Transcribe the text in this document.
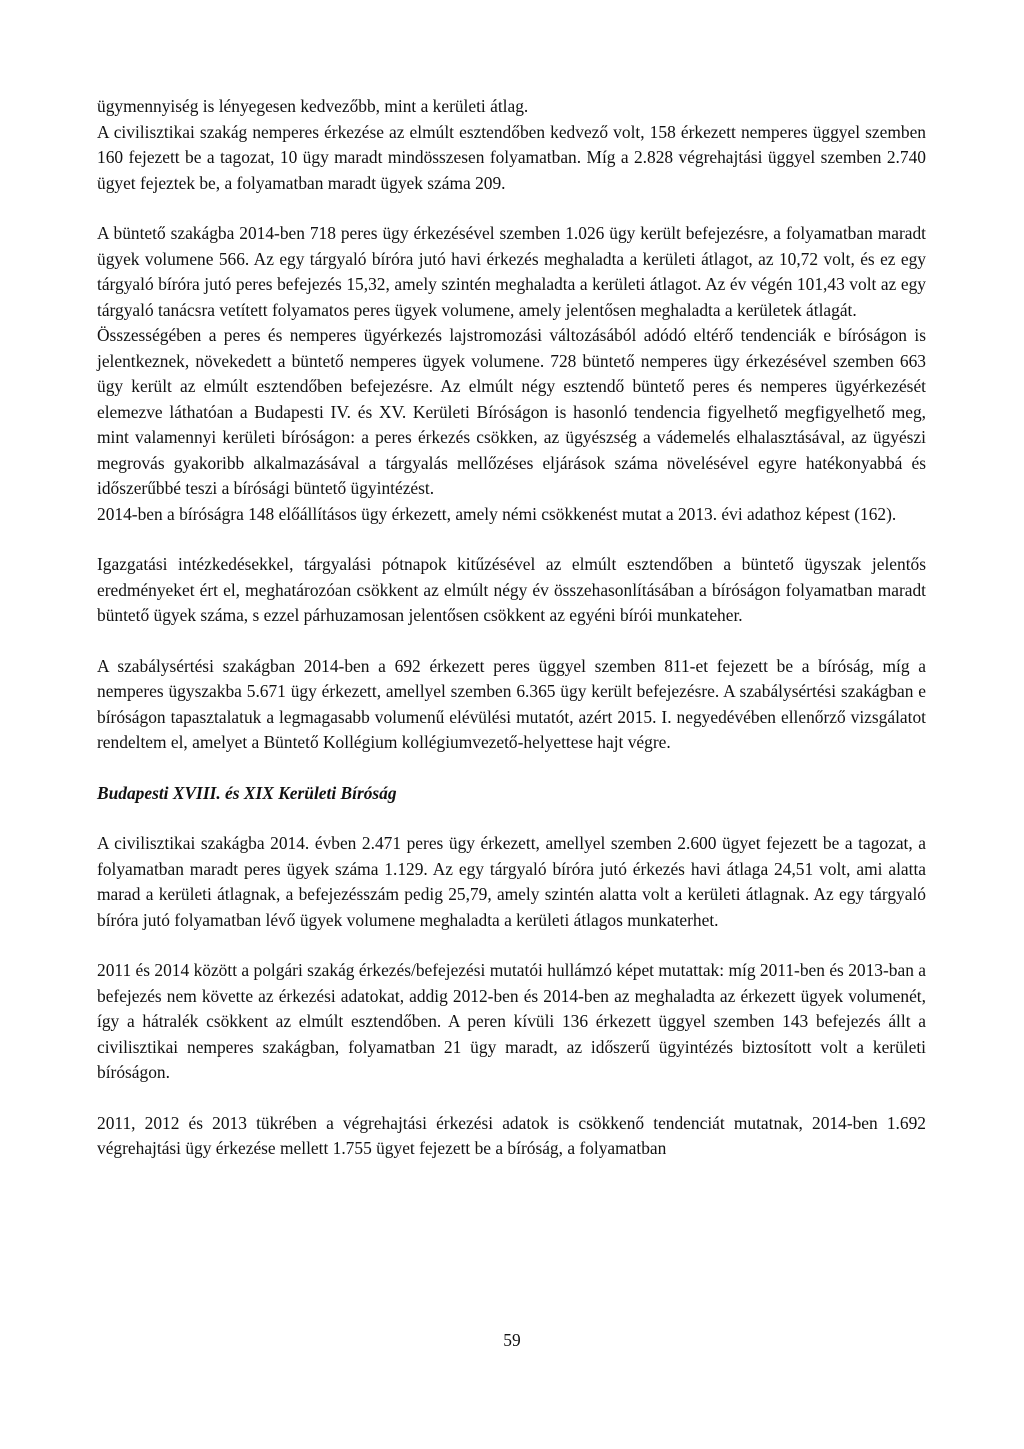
ügymennyiség is lényegesen kedvezőbb, mint a kerületi átlag.

A civilisztikai szakág nemperes érkezése az elmúlt esztendőben kedvező volt, 158 érkezett nemperes üggyel szemben 160 fejezett be a tagozat, 10 ügy maradt mindösszesen folyamatban. Míg a 2.828 végrehajtási üggyel szemben 2.740 ügyet fejeztek be, a folyamatban maradt ügyek száma 209.

A büntető szakágba 2014-ben 718 peres ügy érkezésével szemben 1.026 ügy került befejezésre, a folyamatban maradt ügyek volumene 566. Az egy tárgyaló bíróra jutó havi érkezés meghaladta a kerületi átlagot, az 10,72 volt, és ez egy tárgyaló bíróra jutó peres befejezés 15,32, amely szintén meghaladta a kerületi átlagot. Az év végén 101,43 volt az egy tárgyaló tanácsra vetített folyamatos peres ügyek volumene, amely jelentősen meghaladta a kerületek átlagát.

Összességében a peres és nemperes ügyérkezés lajstromozási változásából adódó eltérő tendenciák e bíróságon is jelentkeznek, növekedett a büntető nemperes ügyek volumene. 728 büntető nemperes ügy érkezésével szemben 663 ügy került az elmúlt esztendőben befejezésre. Az elmúlt négy esztendő büntető peres és nemperes ügyérkezését elemezve láthatóan a Budapesti IV. és XV. Kerületi Bíróságon is hasonló tendencia figyelhető megfigyelhető meg, mint valamennyi kerületi bíróságon: a peres érkezés csökken, az ügyészség a vádemelés elhalasztásával, az ügyészi megrovás gyakoribb alkalmazásával a tárgyalás mellőzéses eljárások száma növelésével egyre hatékonyabbá és időszerűbbé teszi a bírósági büntető ügyintézést.

2014-ben a bíróságra 148 előállításos ügy érkezett, amely némi csökkenést mutat a 2013. évi adathoz képest (162).

Igazgatási intézkedésekkel, tárgyalási pótnapok kitűzésével az elmúlt esztendőben a büntető ügyszak jelentős eredményeket ért el, meghatározóan csökkent az elmúlt négy év összehasonlításában a bíróságon folyamatban maradt büntető ügyek száma, s ezzel párhuzamosan jelentősen csökkent az egyéni bírói munkateher.

A szabálysértési szakágban 2014-ben a 692 érkezett peres üggyel szemben 811-et fejezett be a bíróság, míg a nemperes ügyszakba 5.671 ügy érkezett, amellyel szemben 6.365 ügy került befejezésre. A szabálysértési szakágban e bíróságon tapasztalatuk a legmagasabb volumenű elévülési mutatót, azért 2015. I. negyedévében ellenőrző vizsgálatot rendeltem el, amelyet a Büntető Kollégium kollégiumvezető-helyettese hajt végre.

Budapesti XVIII. és XIX Kerületi Bíróság

A civilisztikai szakágba 2014. évben 2.471 peres ügy érkezett, amellyel szemben 2.600 ügyet fejezett be a tagozat, a folyamatban maradt peres ügyek száma 1.129. Az egy tárgyaló bíróra jutó érkezés havi átlaga 24,51 volt, ami alatta marad a kerületi átlagnak, a befejezésszám pedig 25,79, amely szintén alatta volt a kerületi átlagnak. Az egy tárgyaló bíróra jutó folyamatban lévő ügyek volumene meghaladta a kerületi átlagos munkaterhet.

2011 és 2014 között a polgári szakág érkezés/befejezési mutatói hullámzó képet mutattak: míg 2011-ben és 2013-ban a befejezés nem követte az érkezési adatokat, addig 2012-ben és 2014-ben az meghaladta az érkezett ügyek volumenét, így a hátralék csökkent az elmúlt esztendőben. A peren kívüli 136 érkezett üggyel szemben 143 befejezés állt a civilisztikai nemperes szakágban, folyamatban 21 ügy maradt, az időszerű ügyintézés biztosított volt a kerületi bíróságon.

2011, 2012 és 2013 tükrében a végrehajtási érkezési adatok is csökkenő tendenciát mutatnak, 2014-ben 1.692 végrehajtási ügy érkezése mellett 1.755 ügyet fejezett be a bíróság, a folyamatban

59
